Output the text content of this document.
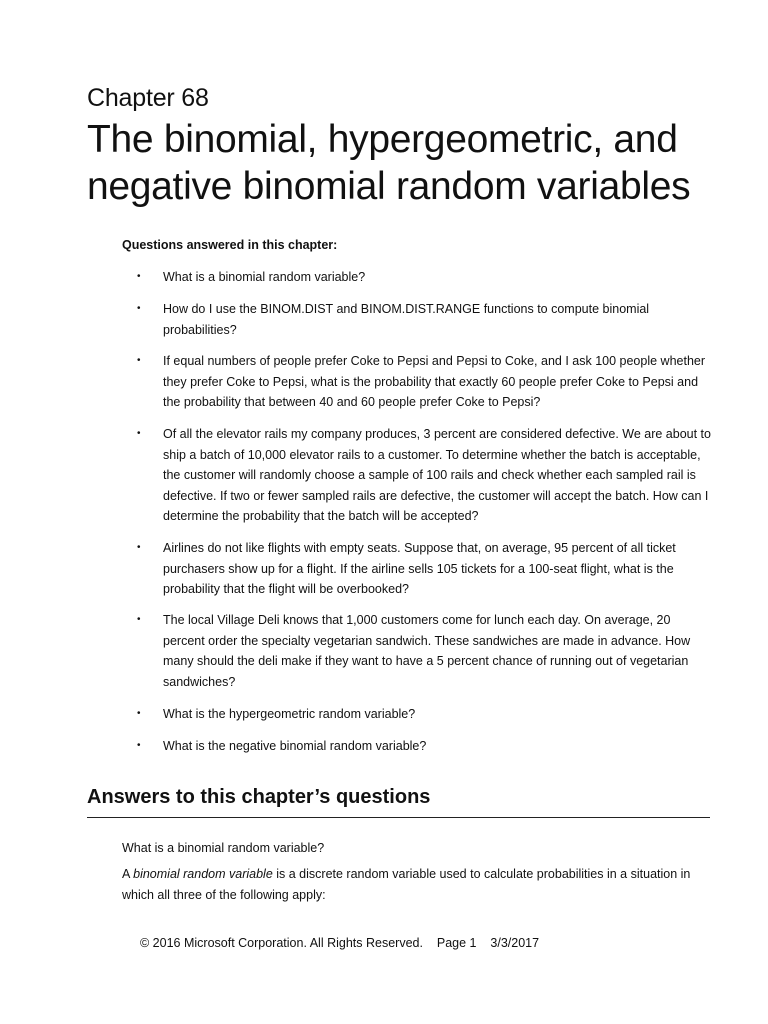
Chapter 68
The binomial, hypergeometric, and negative binomial random variables
Questions answered in this chapter:
• What is a binomial random variable?
• How do I use the BINOM.DIST and BINOM.DIST.RANGE functions to compute binomial probabilities?
• If equal numbers of people prefer Coke to Pepsi and Pepsi to Coke, and I ask 100 people whether they prefer Coke to Pepsi, what is the probability that exactly 60 people prefer Coke to Pepsi and the probability that between 40 and 60 people prefer Coke to Pepsi?
• Of all the elevator rails my company produces, 3 percent are considered defective. We are about to ship a batch of 10,000 elevator rails to a customer. To determine whether the batch is acceptable, the customer will randomly choose a sample of 100 rails and check whether each sampled rail is defective. If two or fewer sampled rails are defective, the customer will accept the batch. How can I determine the probability that the batch will be accepted?
• Airlines do not like flights with empty seats. Suppose that, on average, 95 percent of all ticket purchasers show up for a flight. If the airline sells 105 tickets for a 100-seat flight, what is the probability that the flight will be overbooked?
• The local Village Deli knows that 1,000 customers come for lunch each day. On average, 20 percent order the specialty vegetarian sandwich. These sandwiches are made in advance. How many should the deli make if they want to have a 5 percent chance of running out of vegetarian sandwiches?
• What is the hypergeometric random variable?
• What is the negative binomial random variable?
Answers to this chapter’s questions
What is a binomial random variable?

A binomial random variable is a discrete random variable used to calculate probabilities in a situation in which all three of the following apply:

© 2016 Microsoft Corporation. All Rights Reserved. Page 1 3/3/2017
